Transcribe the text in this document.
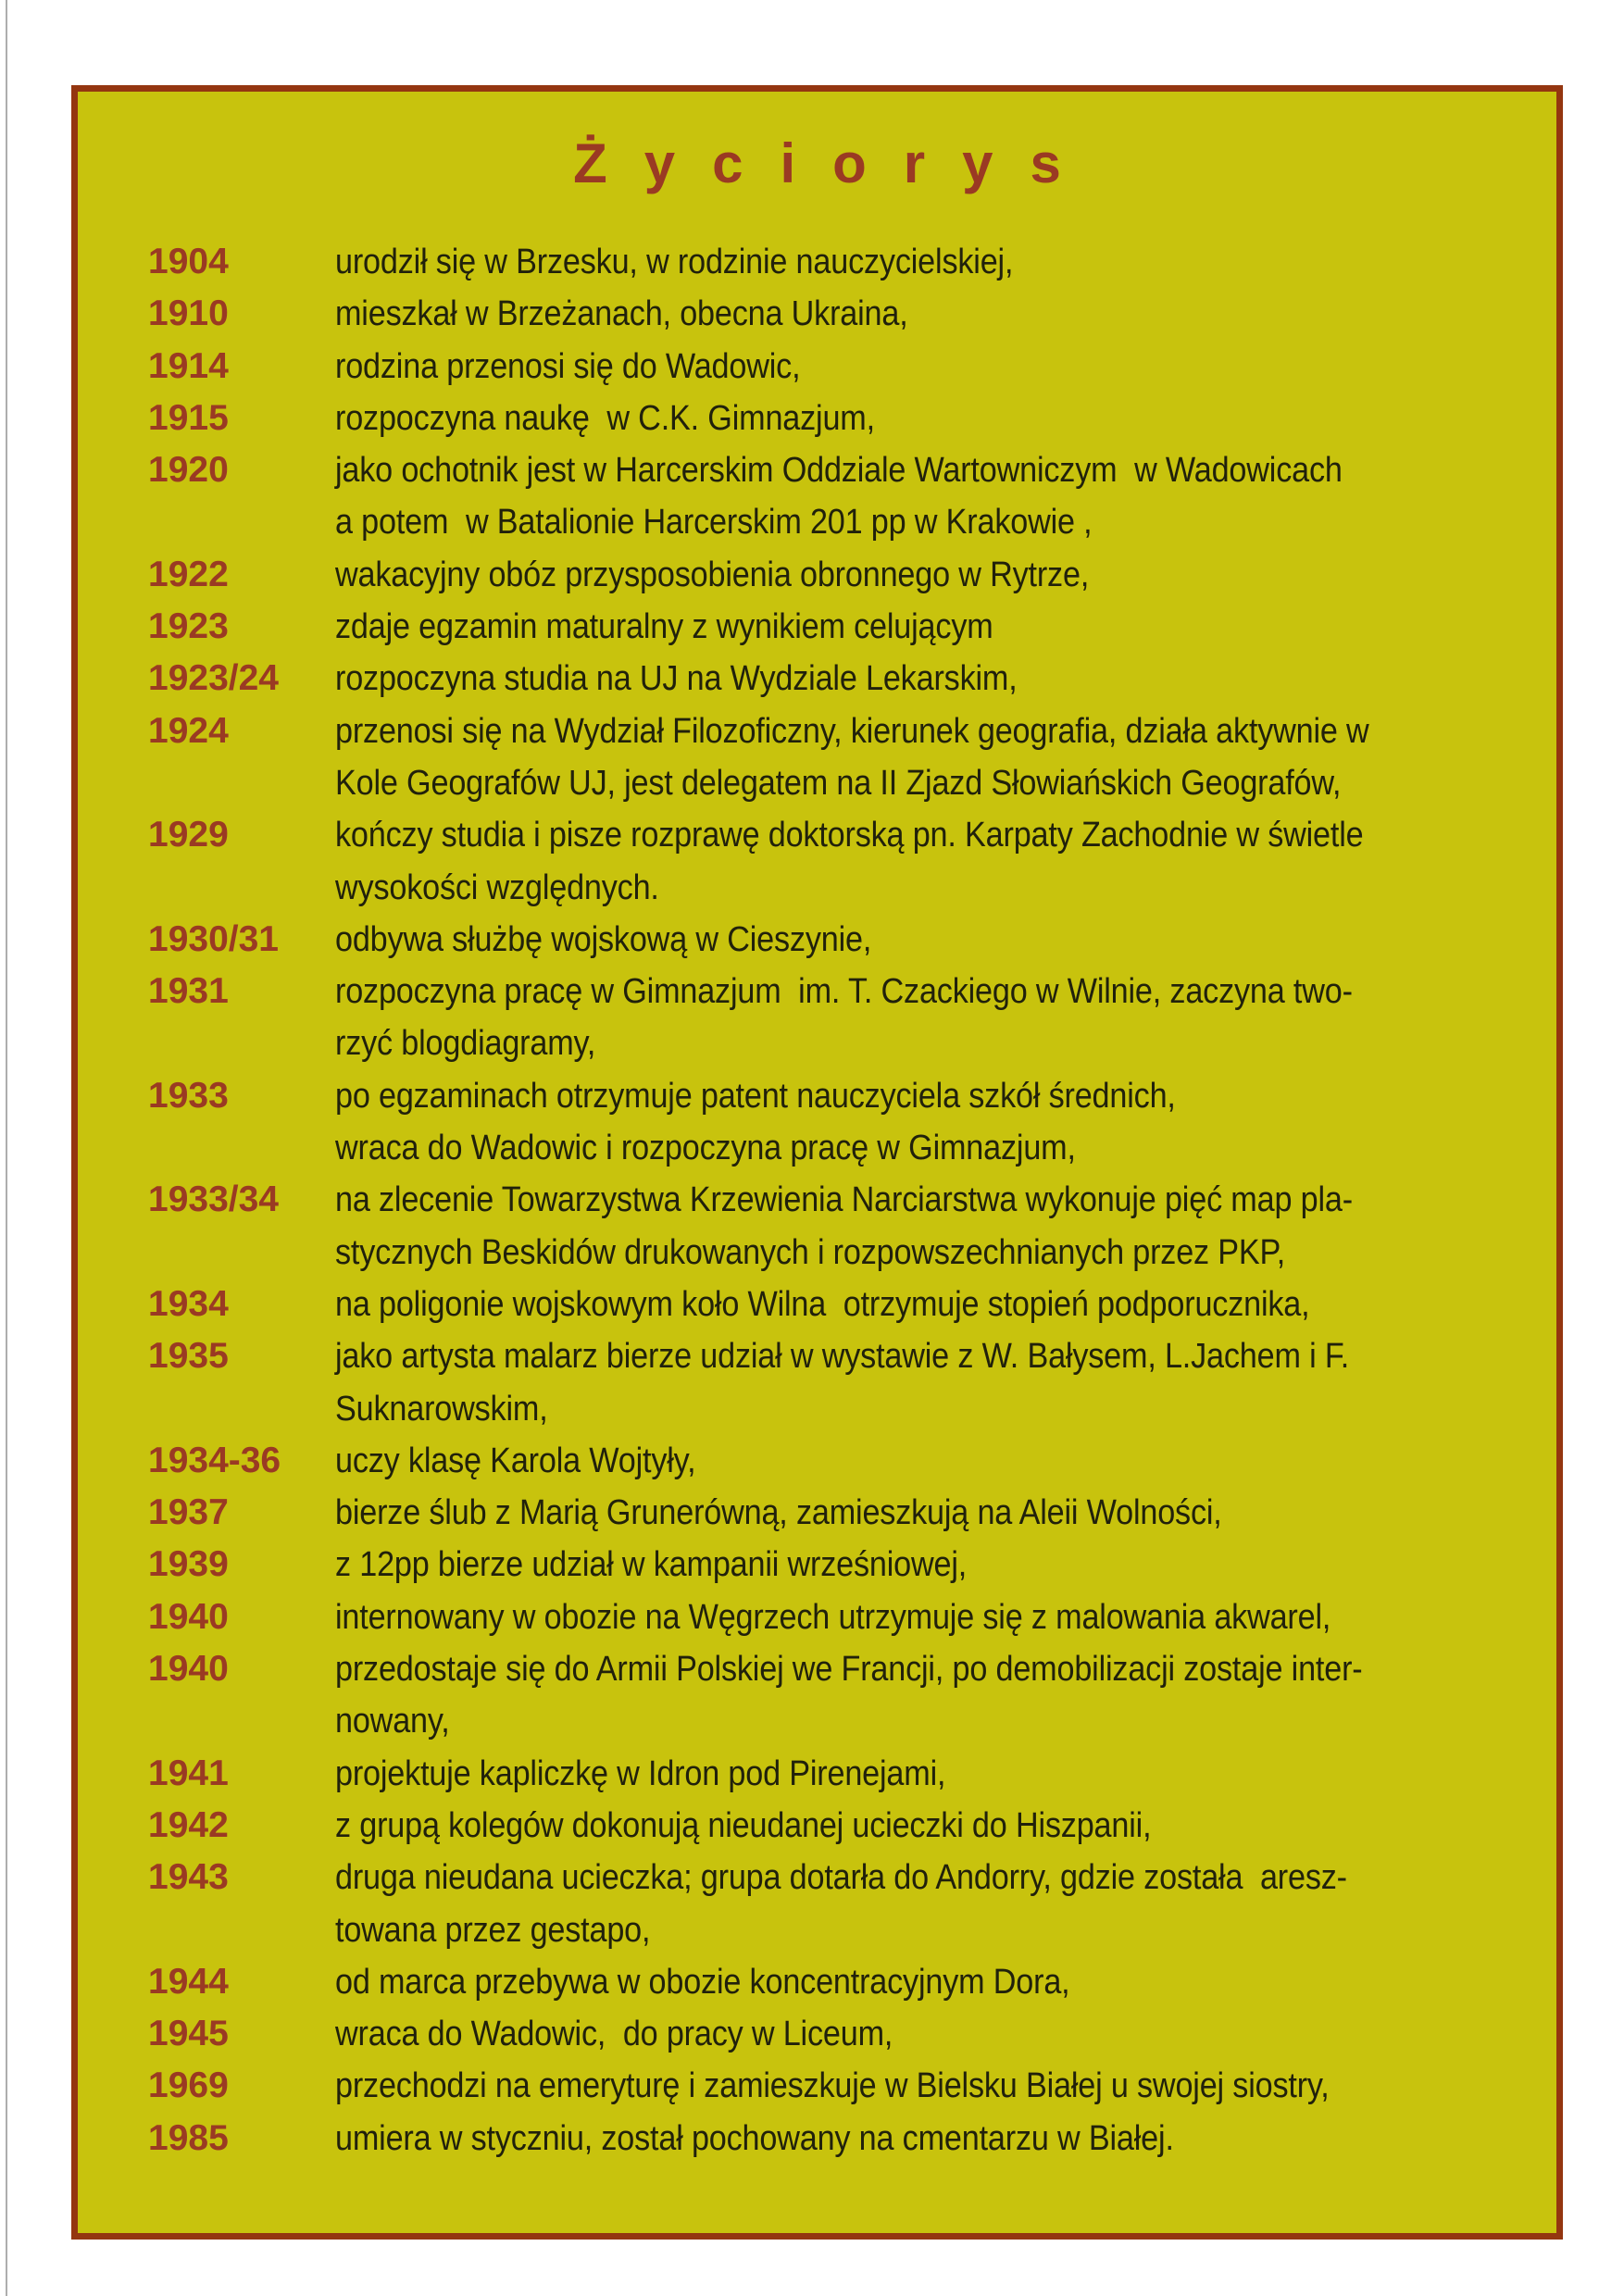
Życiorys
1904	urodził się w Brzesku, w rodzinie nauczycielskiej,
1910	mieszkał w Brzeżanach, obecna Ukraina,
1914	rodzina przenosi się do Wadowic,
1915	rozpoczyna naukę  w C.K. Gimnazjum,
1920	jako ochotnik jest w Harcerskim Oddziale Wartowniczym  w Wadowicach
a potem  w Batalionie Harcerskim 201 pp w Krakowie ,
1922	wakacyjny obóz przysposobienia obronnego w Rytrze,
1923	zdaje egzamin maturalny z wynikiem celującym
1923/24	rozpoczyna studia na UJ na Wydziale Lekarskim,
1924	przenosi się na Wydział Filozoficzny, kierunek geografia, działa aktywnie w
Kole Geografów UJ, jest delegatem na II Zjazd Słowiańskich Geografów,
1929	kończy studia i pisze rozprawę doktorską pn. Karpaty Zachodnie w świetle
wysokości względnych.
1930/31	odbywa służbę wojskową w Cieszynie,
1931	rozpoczyna pracę w Gimnazjum  im. T. Czackiego w Wilnie, zaczyna two-
rzyć blogdiagramy,
1933	po egzaminach otrzymuje patent nauczyciela szkół średnich,
wraca do Wadowic i rozpoczyna pracę w Gimnazjum,
1933/34	na zlecenie Towarzystwa Krzewienia Narciarstwa wykonuje pięć map pla-
stycznych Beskidów drukowanych i rozpowszechnianych przez PKP,
1934	na poligonie wojskowym koło Wilna  otrzymuje stopień podporucznika,
1935	jako artysta malarz bierze udział w wystawie z W. Bałysem, L.Jachem i F.
Suknarowskim,
1934-36	uczy klasę Karola Wojtyły,
1937	bierze ślub z Marią Grunerówną, zamieszkują na Aleii Wolności,
1939	z 12pp bierze udział w kampanii wrześniowej,
1940	internowany w obozie na Węgrzech utrzymuje się z malowania akwarel,
1940	przedostaje się do Armii Polskiej we Francji, po demobilizacji zostaje inter-
nowany,
1941	projektuje kapliczkę w Idron pod Pirenejami,
1942	z grupą kolegów dokonują nieudanej ucieczki do Hiszpanii,
1943	druga nieudana ucieczka; grupa dotarła do Andorry, gdzie została  aresz-
towana przez gestapo,
1944	od marca przebywa w obozie koncentracyjnym Dora,
1945	wraca do Wadowic,  do pracy w Liceum,
1969	przechodzi na emeryturę i zamieszkuje w Bielsku Białej u swojej siostry,
1985	umiera w styczniu, został pochowany na cmentarzu w Białej.
